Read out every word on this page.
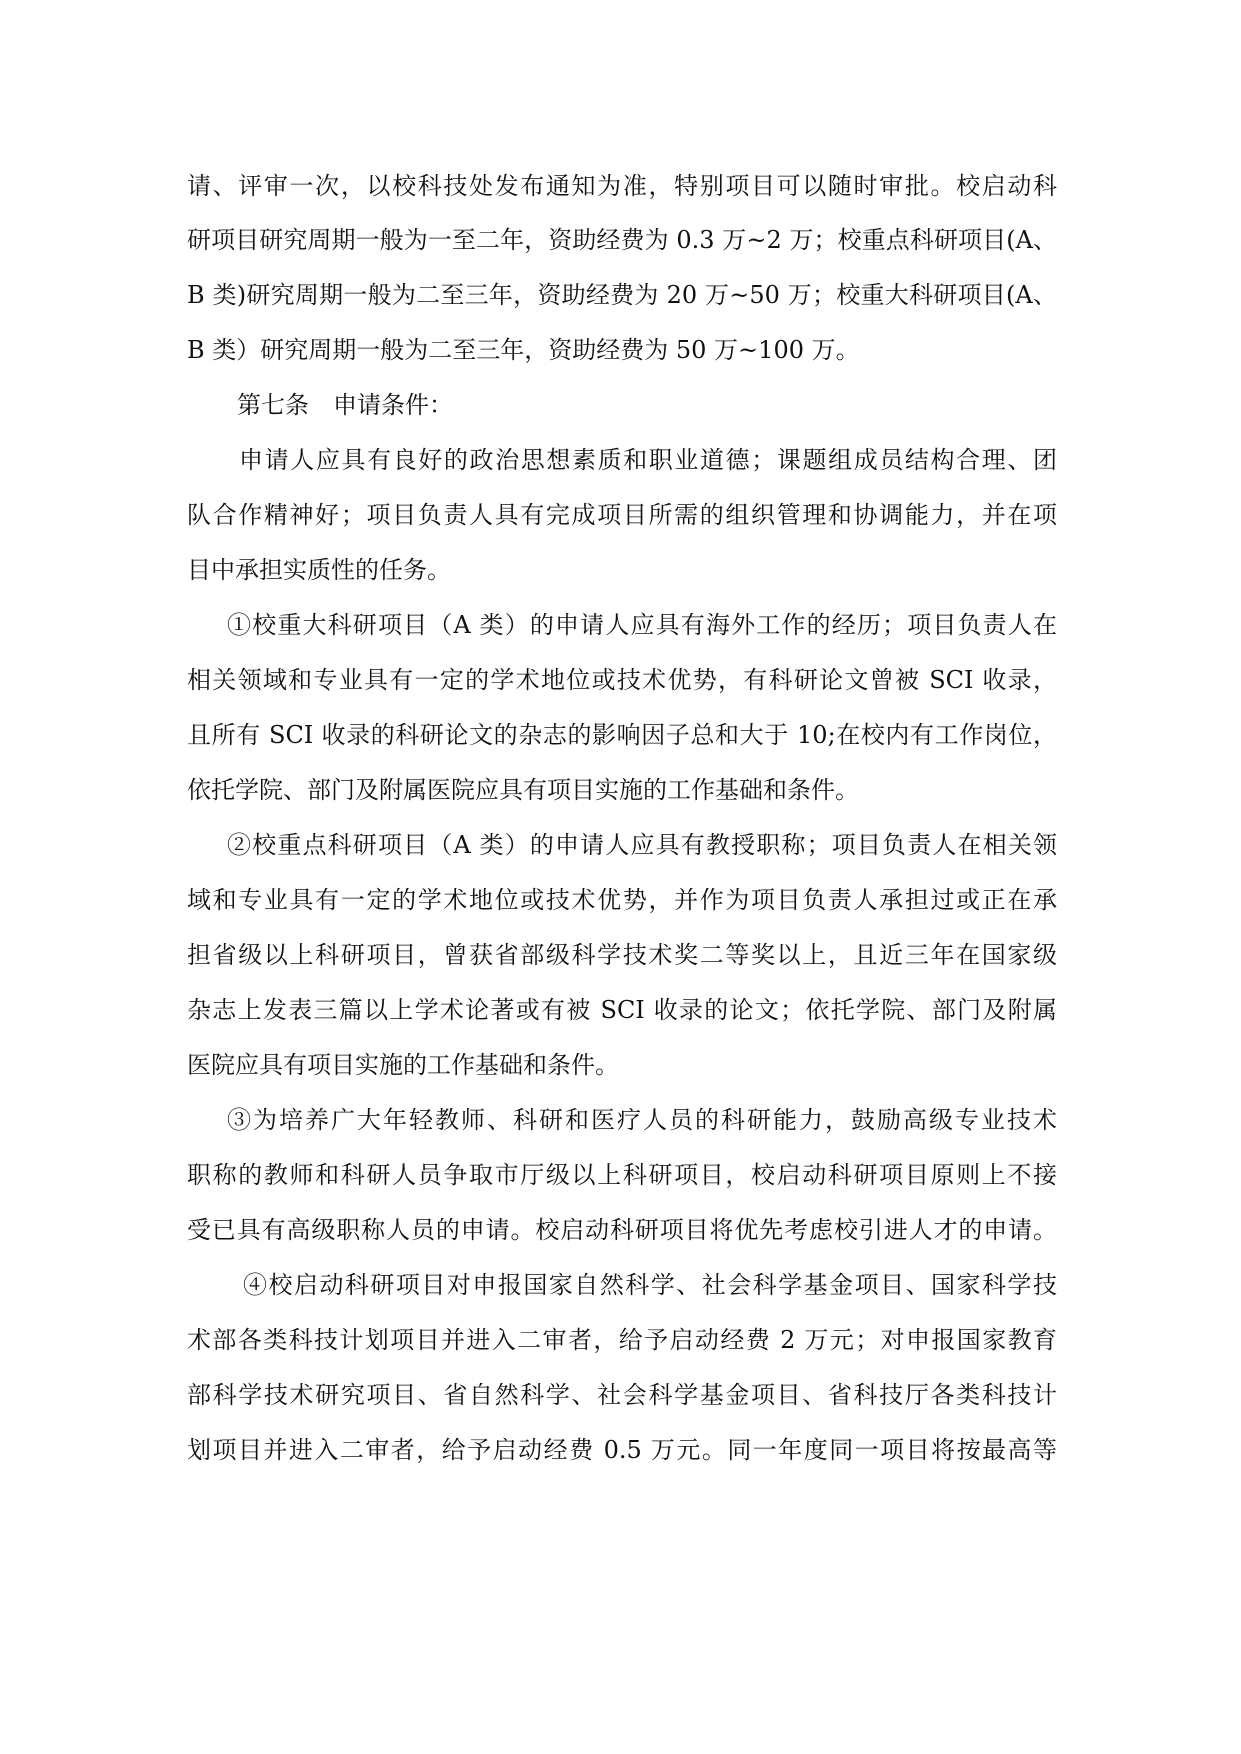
请、评审一次，以校科技处发布通知为准，特别项目可以随时审批。校启动科
研项目研究周期一般为一至二年，资助经费为 0.3 万~2 万；校重点科研项目(A、
B 类)研究周期一般为二至三年，资助经费为 20 万~50 万；校重大科研项目(A、
B 类）研究周期一般为二至三年，资助经费为 50 万~100 万。
第七条　申请条件：
申请人应具有良好的政治思想素质和职业道德；课题组成员结构合理、团
队合作精神好；项目负责人具有完成项目所需的组织管理和协调能力，并在项
目中承担实质性的任务。
①校重大科研项目（A 类）的申请人应具有海外工作的经历；项目负责人在
相关领域和专业具有一定的学术地位或技术优势，有科研论文曾被 SCI 收录，
且所有 SCI 收录的科研论文的杂志的影响因子总和大于 10;在校内有工作岗位，
依托学院、部门及附属医院应具有项目实施的工作基础和条件。
②校重点科研项目（A 类）的申请人应具有教授职称；项目负责人在相关领
域和专业具有一定的学术地位或技术优势，并作为项目负责人承担过或正在承
担省级以上科研项目，曾获省部级科学技术奖二等奖以上，且近三年在国家级
杂志上发表三篇以上学术论著或有被 SCI 收录的论文；依托学院、部门及附属
医院应具有项目实施的工作基础和条件。
③为培养广大年轻教师、科研和医疗人员的科研能力，鼓励高级专业技术
职称的教师和科研人员争取市厅级以上科研项目，校启动科研项目原则上不接
受已具有高级职称人员的申请。校启动科研项目将优先考虑校引进人才的申请。
④校启动科研项目对申报国家自然科学、社会科学基金项目、国家科学技
术部各类科技计划项目并进入二审者，给予启动经费 2 万元；对申报国家教育
部科学技术研究项目、省自然科学、社会科学基金项目、省科技厅各类科技计
划项目并进入二审者，给予启动经费 0.5 万元。同一年度同一项目将按最高等
